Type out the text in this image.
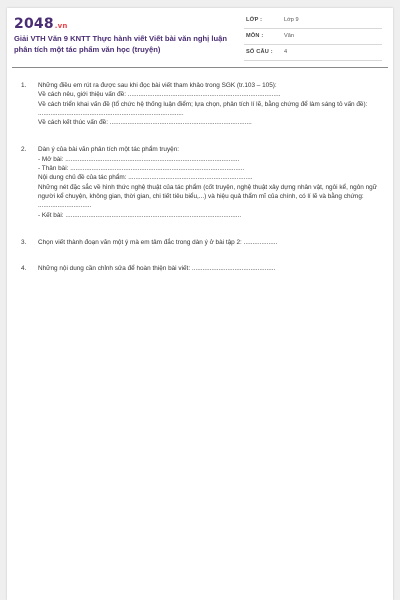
2048.vn
Giải VTH Văn 9 KNTT Thực hành viết Viết bài văn nghị luận phân tích một tác phẩm văn học (truyện)
LỚP :	Lớp 9
MÔN :	Văn
SỐ CÂU : 4
1. Những điều em rút ra được sau khi đọc bài viết tham khảo trong SGK (tr.103 – 105):
Về cách nêu, giới thiệu vấn đề: ......................................................................................
Về cách triển khai vấn đề (tổ chức hệ thống luận điểm; lựa chọn, phân tích lí lẽ, bằng chứng để làm sáng tỏ vấn đề): ..................................................................................
Về cách kết thúc vấn đề: ................................................................................
2. Dàn ý của bài văn phân tích một tác phẩm truyện:
- Mở bài: ..................................................................................................
- Thân bài: ..................................................................................................
Nội dung chủ đề của tác phẩm: ......................................................................
Những nét đặc sắc về hình thức nghệ thuật của tác phẩm (cốt truyện, nghệ thuật xây dựng nhân vật, ngôi kể, ngôn ngữ người kể chuyện, không gian, thời gian, chi tiết tiêu biểu,...) và hiệu quả thẩm mĩ của chính, có lí lẽ và bằng chứng: ..............................
- Kết bài: ...................................................................................................
3. Chọn viết thành đoạn văn một ý mà em tâm đắc trong dàn ý ở bài tập 2: ...................
4. Những nội dung cần chỉnh sửa để hoàn thiện bài viết: ...............................................
